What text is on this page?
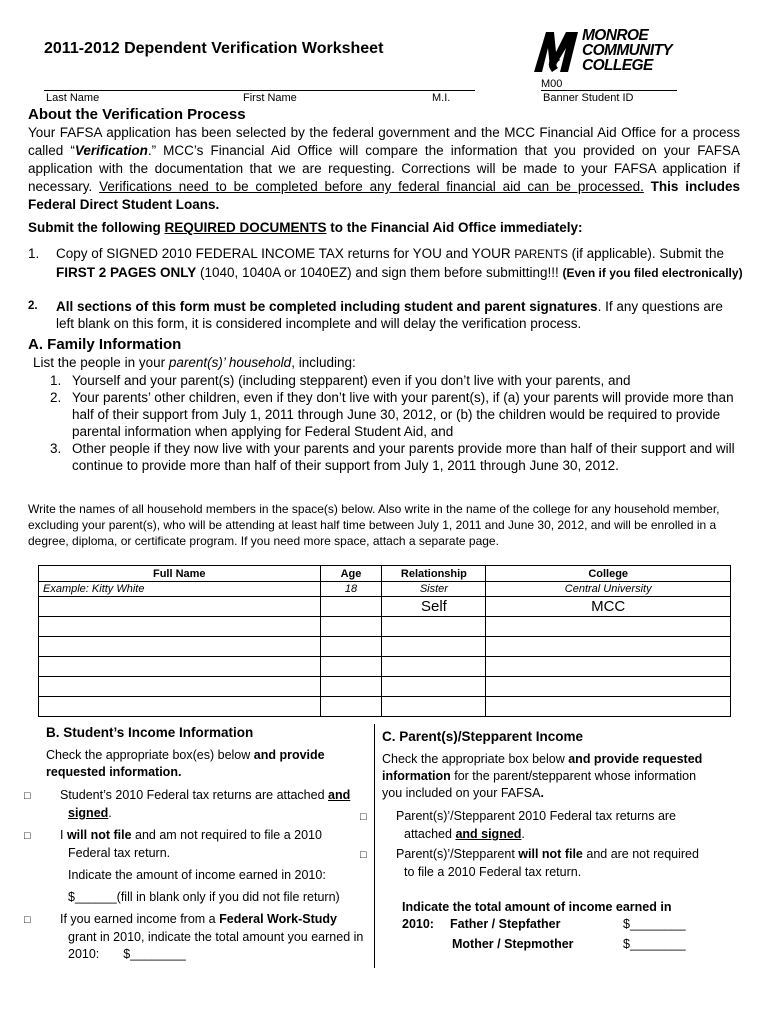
2011-2012 Dependent Verification Worksheet
MONROE
COMMUNITY
COLLEGE
M00
Last Name	First Name	M.I.	Banner Student ID
About the Verification Process

Your FAFSA application has been selected by the federal government and the MCC Financial Aid Office for a process called “Verification.” MCC’s Financial Aid Office will compare the information that you provided on your FAFSA application with the documentation that we are requesting. Corrections will be made to your FAFSA application if necessary. Verifications need to be completed before any federal financial aid can be processed. This includes Federal Direct Student Loans.

Submit the following REQUIRED DOCUMENTS to the Financial Aid Office immediately:

1. Copy of SIGNED 2010 FEDERAL INCOME TAX returns for YOU and YOUR PARENTS (if applicable). Submit the FIRST 2 PAGES ONLY (1040, 1040A or 1040EZ) and sign them before submitting!!! (Even if you filed electronically)

2. All sections of this form must be completed including student and parent signatures. If any questions are left blank on this form, it is considered incomplete and will delay the verification process.

A. Family Information

List the people in your parent(s)’ household, including:

1. Yourself and your parent(s) (including stepparent) even if you don’t live with your parents, and
2. Your parents’ other children, even if they don’t live with your parent(s), if (a) your parents will provide more than half of their support from July 1, 2011 through June 30, 2012, or (b) the children would be required to provide parental information when applying for Federal Student Aid, and
3. Other people if they now live with your parents and your parents provide more than half of their support and will continue to provide more than half of their support from July 1, 2011 through June 30, 2012.

Write the names of all household members in the space(s) below. Also write in the name of the college for any household member, excluding your parent(s), who will be attending at least half time between July 1, 2011 and June 30, 2012, and will be enrolled in a degree, diploma, or certificate program. If you need more space, attach a separate page.

Full Name	Age	Relationship	College
Example: Kitty White	18	Sister	Central University
		Self	MCC

B. Student’s Income Information

Check the appropriate box(es) below and provide requested information.

□ Student’s 2010 Federal tax returns are attached and signed.

□ I will not file and am not required to file a 2010 Federal tax return.

Indicate the amount of income earned in 2010:

$______(fill in blank only if you did not file return)

□ If you earned income from a Federal Work-Study grant in 2010, indicate the total amount you earned in 2010: $________

C. Parent(s)/Stepparent Income

Check the appropriate box below and provide requested information for the parent/stepparent whose information you included on your FAFSA.

□ Parent(s)’/Stepparent 2010 Federal tax returns are attached and signed.

□ Parent(s)’/Stepparent will not file and are not required to file a 2010 Federal tax return.

Indicate the total amount of income earned in

2010: Father / Stepfather	$________
Mother / Stepmother	$________
